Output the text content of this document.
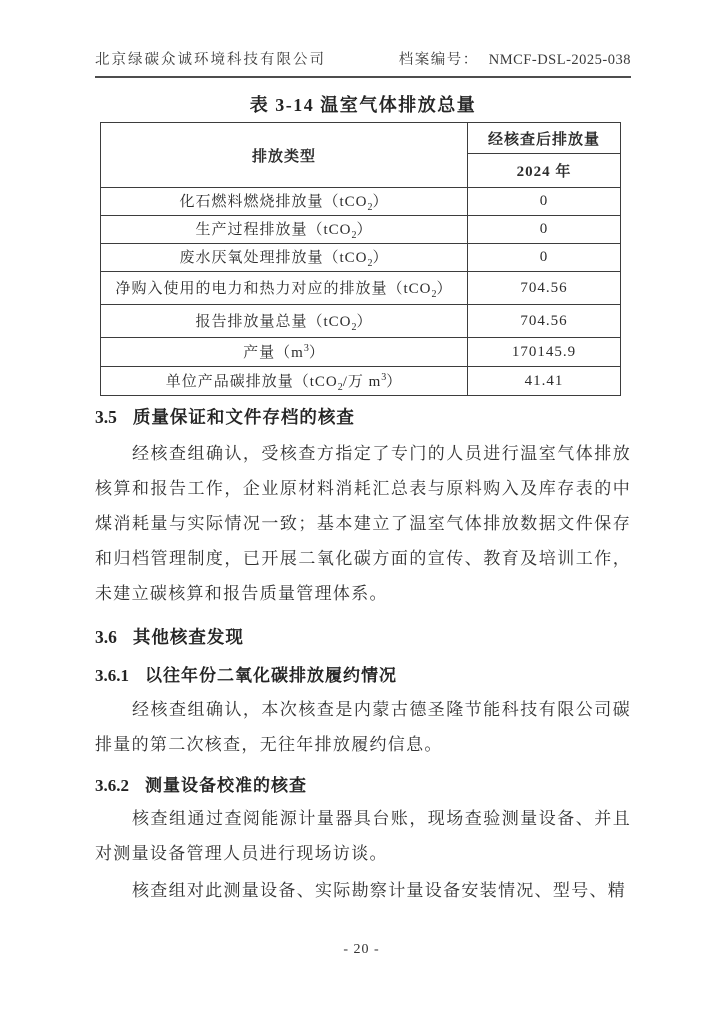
北京绿碳众诚环境科技有限公司	档案编号： NMCF-DSL-2025-038
表 3-14 温室气体排放总量
排放类型	经核查后排放量
	2024 年
化石燃料燃烧排放量（tCO$_2$）	0
生产过程排放量（tCO$_2$）	0
废水厌氧处理排放量（tCO$_2$）	0
净购入使用的电力和热力对应的排放量（tCO$_2$）	704.56
报告排放量总量（tCO$_2$）	704.56
产量$(m^3)$	170145.9
单位产品碳排放量（tCO$_2$/万 $m^3$）	41.41
3.5 质量保证和文件存档的核查

经核查组确认，受核查方指定了专门的人员进行温室气体排放核算和报告工作，企业原材料消耗汇总表与原料购入及库存表的中煤消耗量与实际情况一致；基本建立了温室气体排放数据文件保存和归档管理制度，已开展二氧化碳方面的宣传、教育及培训工作，未建立碳核算和报告质量管理体系。

3.6 其他核查发现
3.6.1 以往年份二氧化碳排放履约情况

经核查组确认，本次核查是内蒙古德圣隆节能科技有限公司碳排量的第二次核查，无往年排放履约信息。

3.6.2 测量设备校准的核查

核查组通过查阅能源计量器具台账，现场查验测量设备、并且对测量设备管理人员进行现场访谈。

核查组对此测量设备、实际勘察计量设备安装情况、型号、精

- 20 -
